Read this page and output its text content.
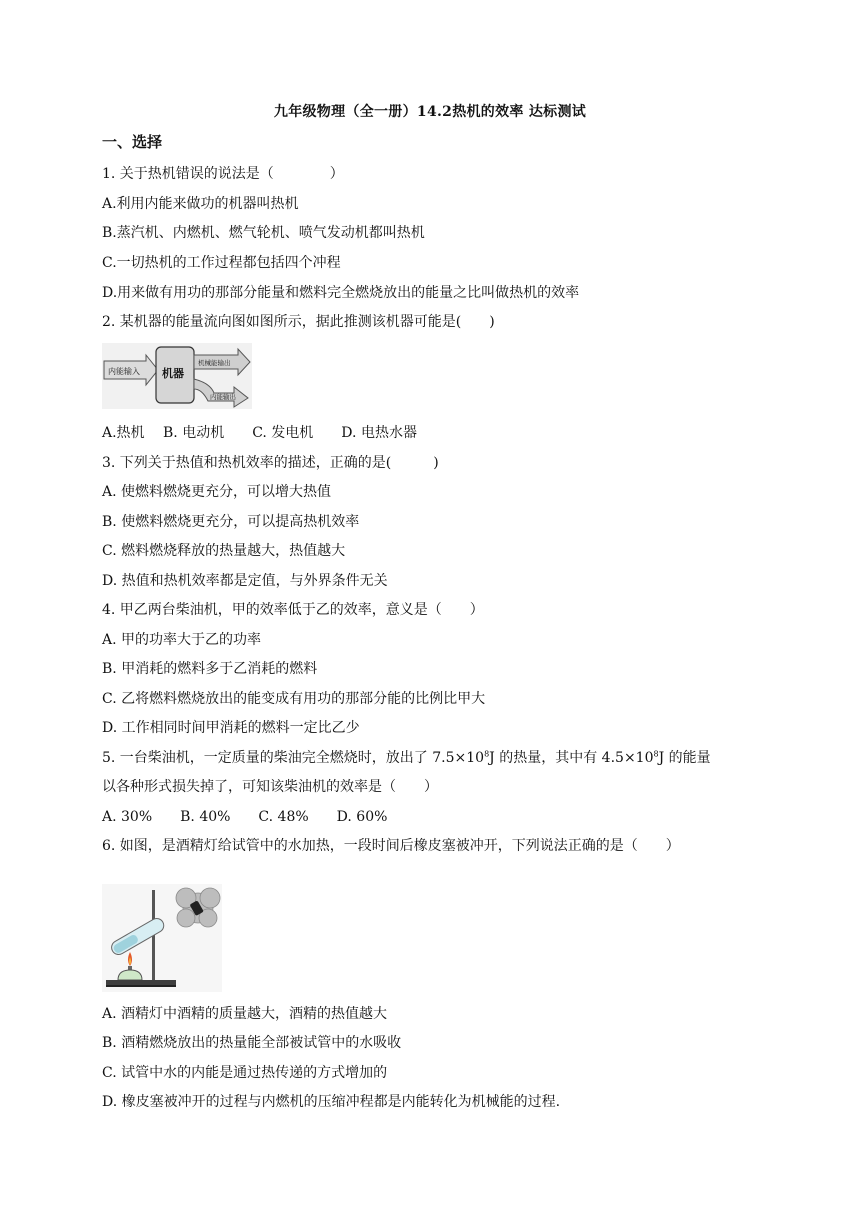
九年级物理（全一册）14.2热机的效率 达标测试
一、选择
1. 关于热机错误的说法是（　　　　）
A.利用内能来做功的机器叫热机
B.蒸汽机、内燃机、燃气轮机、喷气发动机都叫热机
C.一切热机的工作过程都包括四个冲程
D.用来做有用功的那部分能量和燃料完全燃烧放出的能量之比叫做热机的效率
2. 某机器的能量流向图如图所示，据此推测该机器可能是(　　)
内能输入 机器
机械能输出
内能输出
A.热机　 B. 电动机　　C. 发电机　　D. 电热水器
3. 下列关于热值和热机效率的描述，正确的是(　　　)
A. 使燃料燃烧更充分，可以增大热值
B. 使燃料燃烧更充分，可以提高热机效率
C. 燃料燃烧释放的热量越大，热值越大
D. 热值和热机效率都是定值，与外界条件无关
4. 甲乙两台柴油机，甲的效率低于乙的效率，意义是（　　）
A. 甲的功率大于乙的功率
B. 甲消耗的燃料多于乙消耗的燃料
C. 乙将燃料燃烧放出的能变成有用功的那部分能的比例比甲大
D. 工作相同时间甲消耗的燃料一定比乙少
5. 一台柴油机，一定质量的柴油完全燃烧时，放出了 $7.5\times 10^8J$ 的热量，其中有 $4.5\times 10^8J$ 的能量
以各种形式损失掉了，可知该柴油机的效率是（　　）
A. 30%　　B. 40%　　C. 48%　　D. 60%
6. 如图，是酒精灯给试管中的水加热，一段时间后橡皮塞被冲开，下列说法正确的是（　　）
A. 酒精灯中酒精的质量越大，酒精的热值越大
B. 酒精燃烧放出的热量能全部被试管中的水吸收
C. 试管中水的内能是通过热传递的方式增加的
D. 橡皮塞被冲开的过程与内燃机的压缩冲程都是内能转化为机械能的过程.
